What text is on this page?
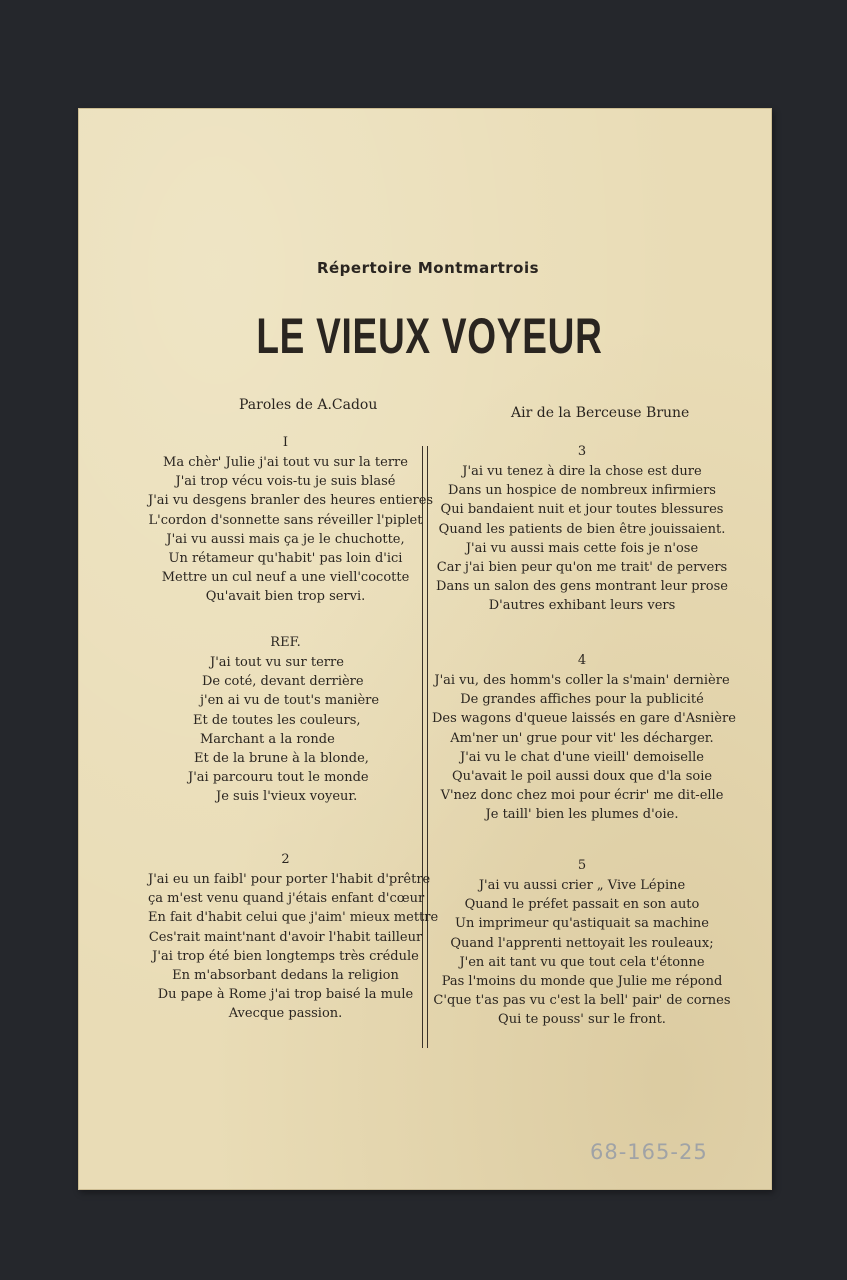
Répertoire Montmartrois
LE VIEUX VOYEUR
Paroles de A.Cadou	Air de la Berceuse Brune
I
Ma chèr' Julie j'ai tout vu sur la terre
J'ai trop vécu vois-tu je suis blasé
J'ai vu desgens branler des heures entieres
L'cordon d'sonnette sans réveiller l'piplet
J'ai vu aussi mais ça je le chuchotte,
Un rétameur qu'habit' pas loin d'ici
Mettre un cul neuf a une viell'cocotte
Qu'avait bien trop servi.
REF.
J'ai tout vu sur terre
De coté, devant derrière
j'en ai vu de tout's manière
Et de toutes les couleurs,
Marchant a la ronde
Et de la brune à la blonde,
J'ai parcouru tout le monde
Je suis l'vieux voyeur.
2
J'ai eu un faibl' pour porter l'habit d'prêtre
ça m'est venu quand j'étais enfant d'cœur
En fait d'habit celui que j'aim' mieux mettre
Ces'rait maint'nant d'avoir l'habit tailleur
J'ai trop été bien longtemps très crédule
En m'absorbant dedans la religion
Du pape à Rome j'ai trop baisé la mule
Avecque passion.
3
J'ai vu tenez à dire la chose est dure
Dans un hospice de nombreux infirmiers
Qui bandaient nuit et jour toutes blessures
Quand les patients de bien être jouissaient.
J'ai vu aussi mais cette fois je n'ose
Car j'ai bien peur qu'on me trait' de pervers
Dans un salon des gens montrant leur prose
D'autres exhibant leurs vers
4
J'ai vu, des homm's coller la s'main' dernière
De grandes affiches pour la publicité
Des wagons d'queue laissés en gare d'Asnière
Am'ner un' grue pour vit' les décharger.
J'ai vu le chat d'une vieill' demoiselle
Qu'avait le poil aussi doux que d'la soie
V'nez donc chez moi pour écrir' me dit-elle
Je taill' bien les plumes d'oie.
5
J'ai vu aussi crier „ Vive Lépine
Quand le préfet passait en son auto
Un imprimeur qu'astiquait sa machine
Quand l'apprenti nettoyait les rouleaux;
J'en ait tant vu que tout cela t'étonne
Pas l'moins du monde que Julie me répond
C'que t'as pas vu c'est la bell' pair' de cornes
Qui te pouss' sur le front.
68-165-25
